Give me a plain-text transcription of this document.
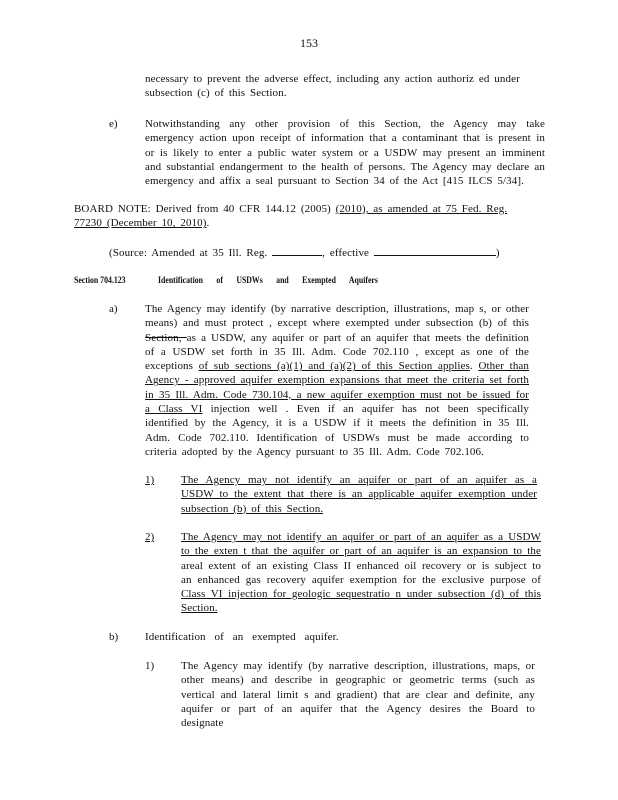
153
necessary to prevent the adverse effect, including any action authoriz ed under subsection (c) of this Section.
e) Notwithstanding any other provision of this Section, the Agency may take emergency action upon receipt of information that a contaminant that is present in or is likely to enter a public water system or a USDW may present an imminent and substantial endangerment to the health of persons. The Agency may declare an emergency and affix a seal pursuant to Section 34 of the Act [415 ILCS 5/34].
BOARD NOTE: Derived from 40 CFR 144.12 (2005) (2010), as amended at 75 Fed. Reg. 77230 (December 10, 2010).
(Source: Amended at 35 Ill. Reg.	, effective	)
Section 704.123	Identification of USDWs and Exempted Aquifers
a) The Agency may identify (by narrative description, illustrations, map s, or other means) and must protect , except where exempted under subsection (b) of this Section, as a USDW, any aquifer or part of an aquifer that meets the definition of a USDW set forth in 35 Ill. Adm. Code 702.110 , except as one of the exceptions of sub sections (a)(1) and (a)(2) of this Section applies. Other than Agency - approved aquifer exemption expansions that meet the criteria set forth in 35 Ill. Adm. Code 730.104, a new aquifer exemption must not be issued for a Class VI injection well . Even if an aquifer has not been specifically identified by the Agency, it is a USDW if it meets the definition in 35 Ill. Adm. Code 702.110. Identification of USDWs must be made according to criteria adopted by the Agency pursuant to 35 Ill. Adm. Code 702.106.
1) The Agency may not identify an aquifer or part of an aquifer as a USDW to the extent that there is an applicable aquifer exemption under subsection (b) of this Section.
2) The Agency may not identify an aquifer or part of an aquifer as a USDW to the exten t that the aquifer or part of an aquifer is an expansion to the areal extent of an existing Class II enhanced oil recovery or is subject to an enhanced gas recovery aquifer exemption for the exclusive purpose of Class VI injection for geologic sequestratio n under subsection (d) of this Section.
b) Identification of an exempted aquifer.
1) The Agency may identify (by narrative description, illustrations, maps, or other means) and describe in geographic or geometric terms (such as vertical and lateral limit s and gradient) that are clear and definite, any aquifer or part of an aquifer that the Agency desires the Board to designate
